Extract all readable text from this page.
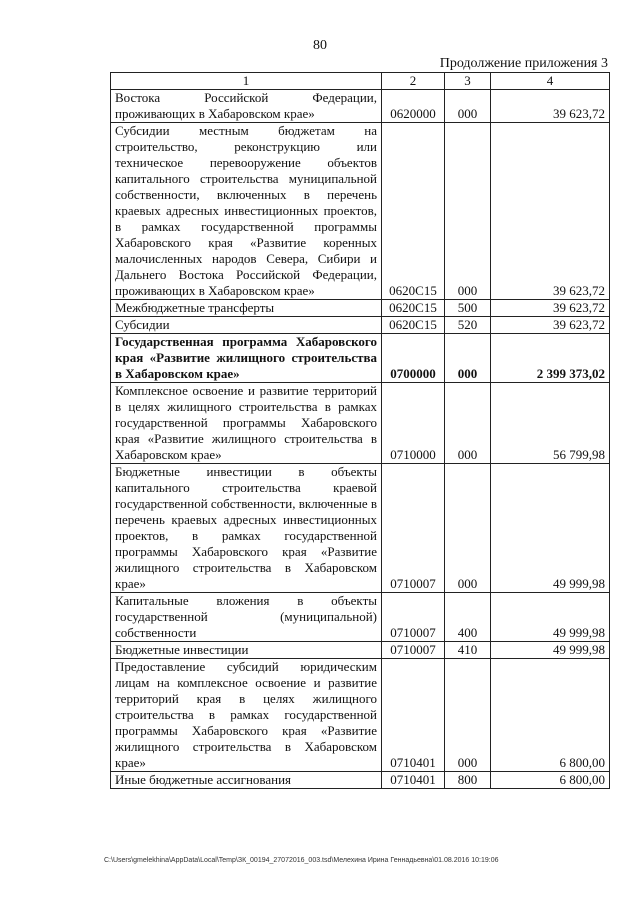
80
Продолжение приложения 3
1	2	3	4
Востока Российской Федерации, проживающих в Хабаровском крае»	0620000	000	39 623,72
Субсидии местным бюджетам на строительство, реконструкцию или техническое перевооружение объектов капитального строительства муниципальной собственности, включенных в перечень краевых адресных инвестиционных проектов, в рамках государственной программы Хабаровского края «Развитие коренных малочисленных народов Севера, Сибири и Дальнего Востока Российской Федерации, проживающих в Хабаровском крае»	0620С15	000	39 623,72
Межбюджетные трансферты	0620С15	500	39 623,72
Субсидии	0620С15	520	39 623,72
Государственная программа Хабаровского края «Развитие жилищного строительства в Хабаровском крае»	0700000	000	2 399 373,02
Комплексное освоение и развитие территорий в целях жилищного строительства в рамках государственной программы Хабаровского края «Развитие жилищного строительства в Хабаровском крае»	0710000	000	56 799,98
Бюджетные инвестиции в объекты капитального строительства краевой государственной собственности, включенные в перечень краевых адресных инвестиционных проектов, в рамках государственной программы Хабаровского края «Развитие жилищного строительства в Хабаровском крае»	0710007	000	49 999,98
Капитальные вложения в объекты государственной (муниципальной) собственности	0710007	400	49 999,98
Бюджетные инвестиции	0710007	410	49 999,98
Предоставление субсидий юридическим лицам на комплексное освоение и развитие территорий края в целях жилищного строительства в рамках государственной программы Хабаровского края «Развитие жилищного строительства в Хабаровском крае»	0710401	000	6 800,00
Иные бюджетные ассигнования	0710401	800	6 800,00
C:\Users\gmelekhina\AppData\Local\Temp\ЗК_00194_27072016_003.tsd\Мелехина Ирина Геннадьевна\01.08.2016 10:19:06
